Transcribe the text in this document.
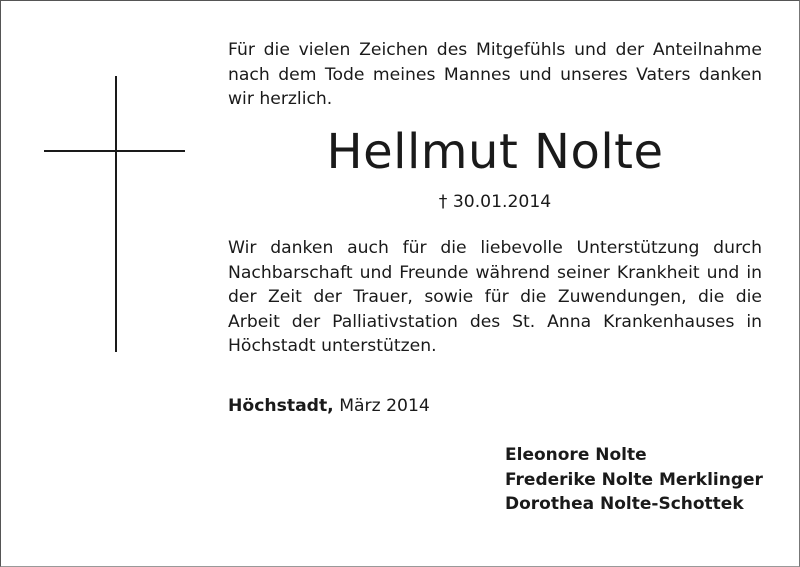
Für die vielen Zeichen des Mitgefühls und der Anteilnahme nach dem Tode meines Mannes und unseres Vaters danken wir herzlich.

Hellmut Nolte
† 30.01.2014

Wir danken auch für die liebevolle Unterstützung durch Nachbarschaft und Freunde während seiner Krankheit und in der Zeit der Trauer, sowie für die Zuwendungen, die die Arbeit der Palliativstation des St. Anna Krankenhauses in Höchstadt unterstützen.

Höchstadt, März 2014
Eleonore Nolte
Frederike Nolte Merklinger
Dorothea Nolte-Schottek
